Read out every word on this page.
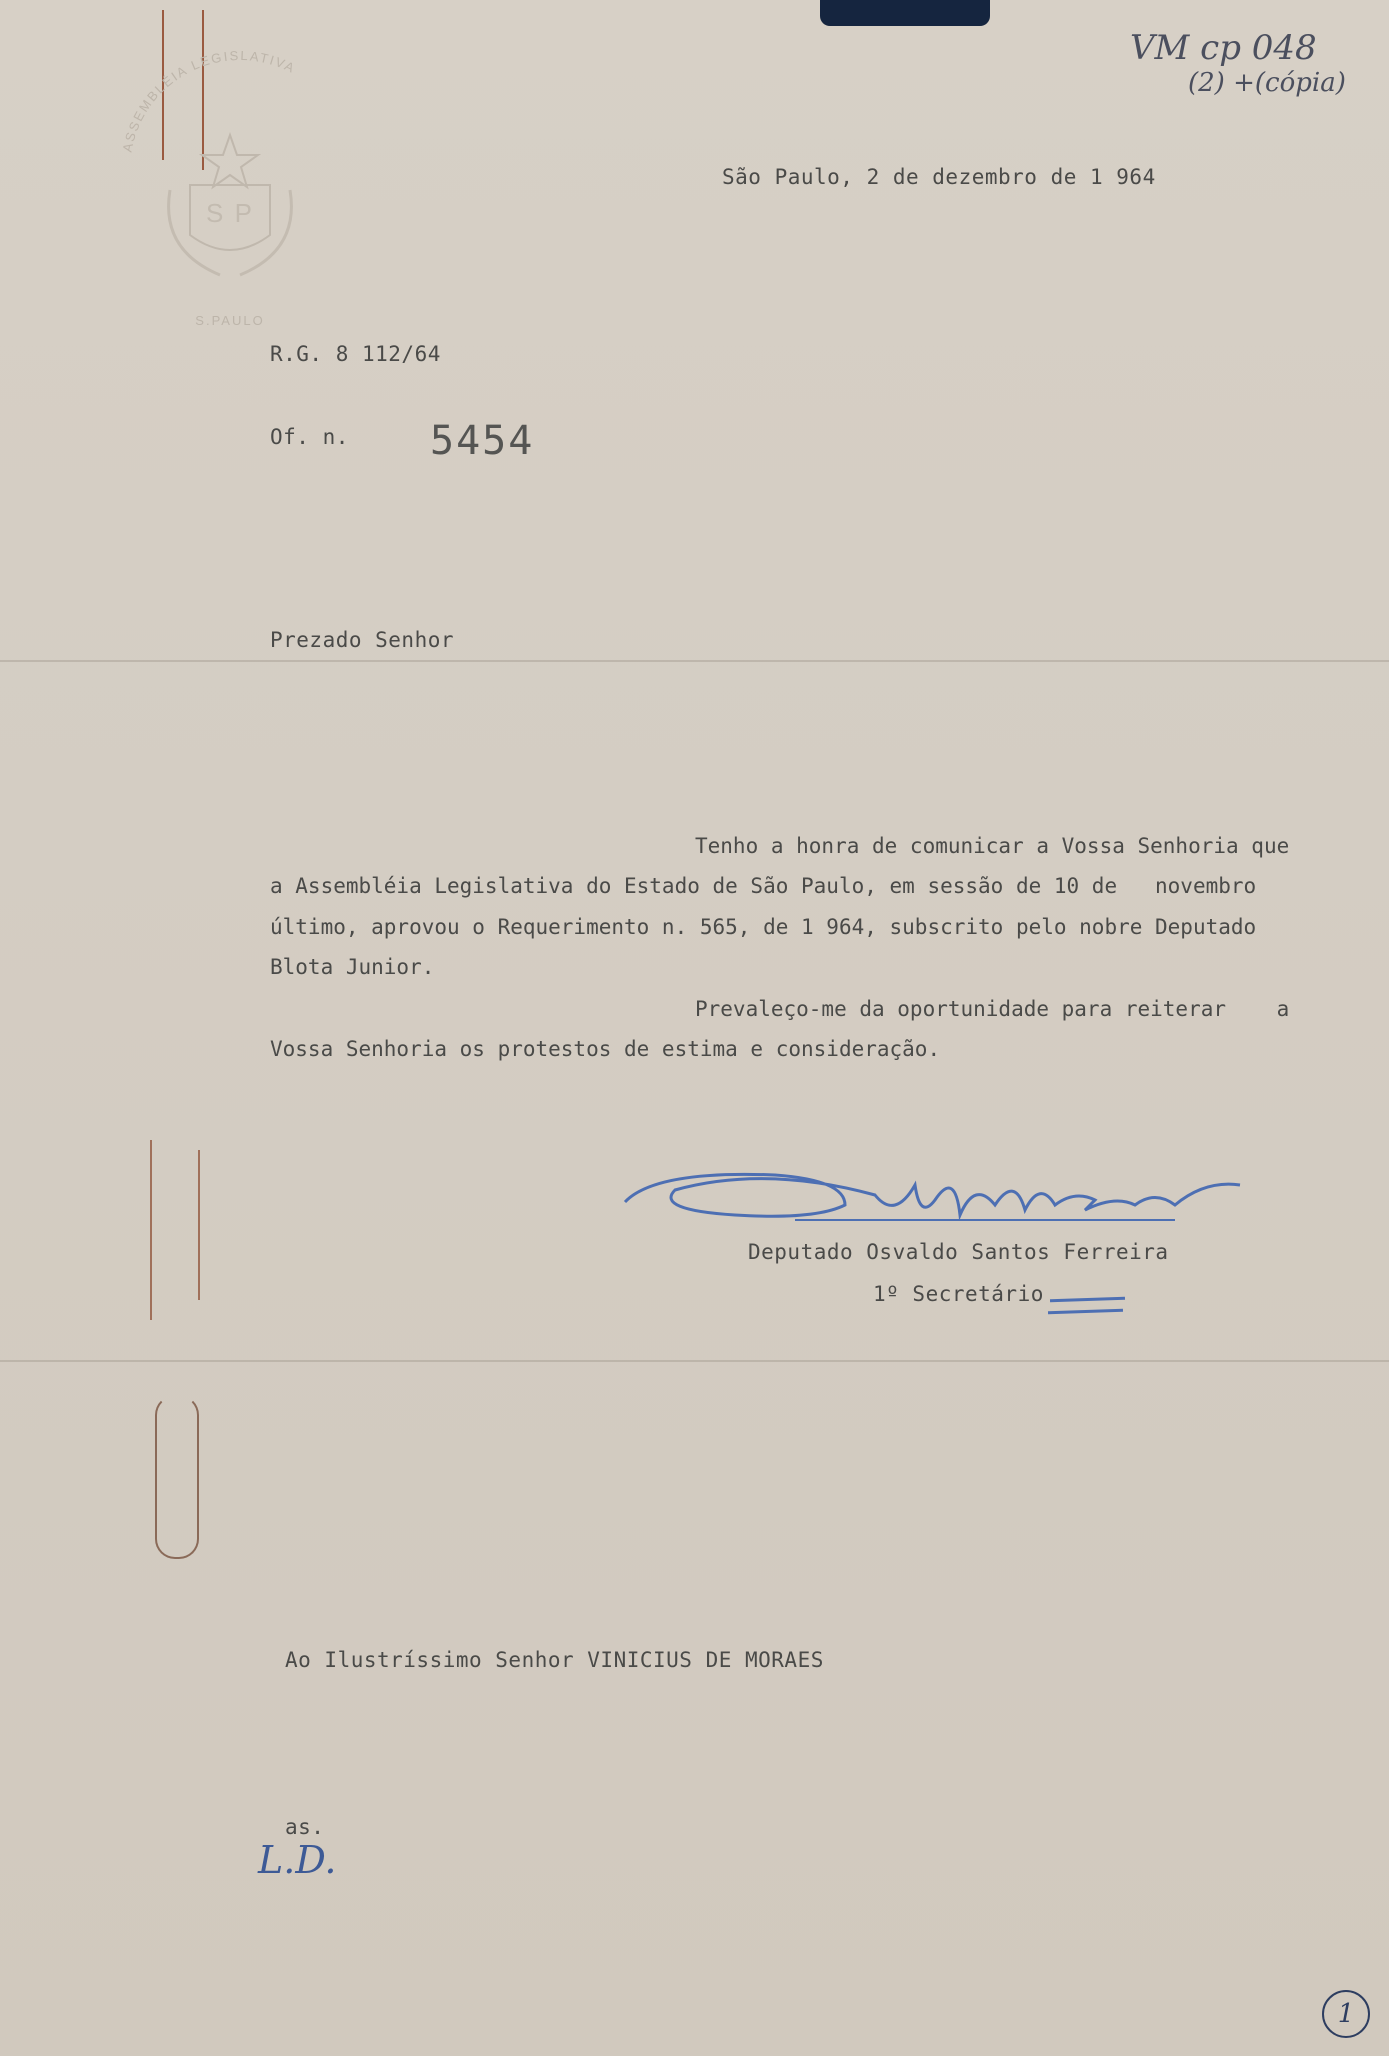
ASSEMBLÉIA LEGISLATIVA
S P
S.PAULO
VM cp 048
(2) +(cópia)
São Paulo, 2 de dezembro de 1 964
R.G. 8 112/64
Of. n. 5454
Prezado Senhor
Tenho a honra de comunicar a Vossa Senhoria que
a Assembléia Legislativa do Estado de São Paulo, em sessão de 10 de   novembro
último, aprovou o Requerimento n. 565, de 1 964, subscrito pelo nobre Deputado
Blota Junior.
Prevaleço-me da oportunidade para reiterar    a
Vossa Senhoria os protestos de estima e consideração.
Deputado Osvaldo Santos Ferreira
1º Secretário
Ao Ilustríssimo Senhor VINICIUS DE MORAES
as.
L.D.
1
